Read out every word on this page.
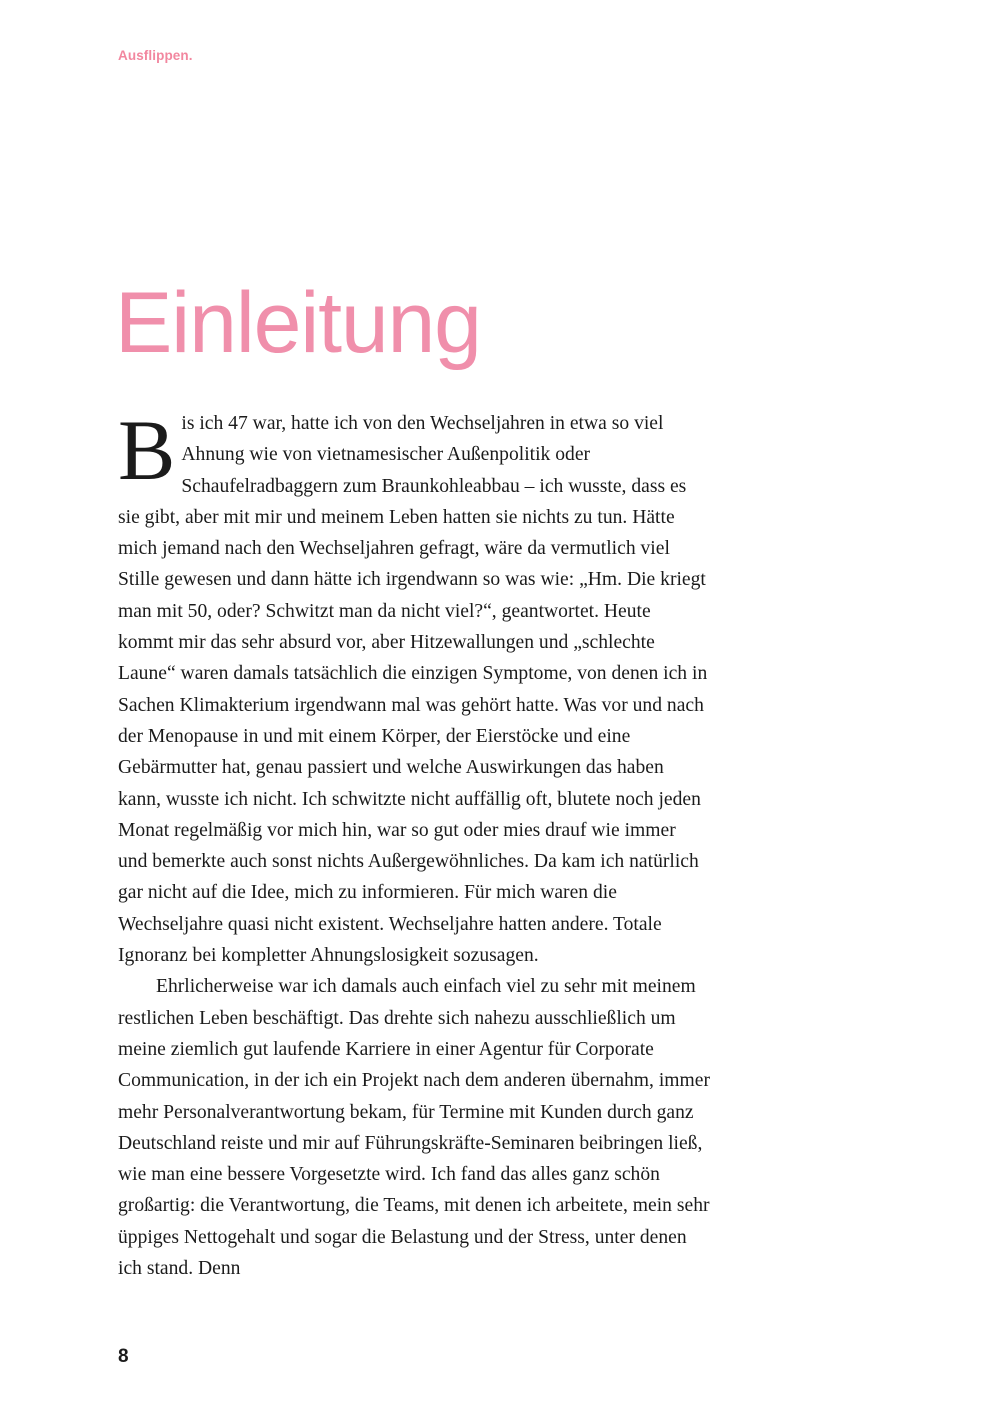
Ausflippen.
Einleitung

Bis ich 47 war, hatte ich von den Wechseljahren in etwa so viel Ahnung wie von vietnamesischer Außenpolitik oder Schaufelradbaggern zum Braunkohleabbau – ich wusste, dass es sie gibt, aber mit mir und meinem Leben hatten sie nichts zu tun. Hätte mich jemand nach den Wechseljahren gefragt, wäre da vermutlich viel Stille gewesen und dann hätte ich irgendwann so was wie: „Hm. Die kriegt man mit 50, oder? Schwitzt man da nicht viel?“, geantwortet. Heute kommt mir das sehr absurd vor, aber Hitzewallungen und „schlechte Laune“ waren damals tatsächlich die einzigen Symptome, von denen ich in Sachen Klimakterium irgendwann mal was gehört hatte. Was vor und nach der Menopause in und mit einem Körper, der Eierstöcke und eine Gebärmutter hat, genau passiert und welche Auswirkungen das haben kann, wusste ich nicht. Ich schwitzte nicht auffällig oft, blutete noch jeden Monat regelmäßig vor mich hin, war so gut oder mies drauf wie immer und bemerkte auch sonst nichts Außergewöhnliches. Da kam ich natürlich gar nicht auf die Idee, mich zu informieren. Für mich waren die Wechseljahre quasi nicht existent. Wechseljahre hatten andere. Totale Ignoranz bei kompletter Ahnungslosigkeit sozusagen.

Ehrlicherweise war ich damals auch einfach viel zu sehr mit meinem restlichen Leben beschäftigt. Das drehte sich nahezu ausschließlich um meine ziemlich gut laufende Karriere in einer Agentur für Corporate Communication, in der ich ein Projekt nach dem anderen übernahm, immer mehr Personalverantwortung bekam, für Termine mit Kunden durch ganz Deutschland reiste und mir auf Führungskräfte-Seminaren beibringen ließ, wie man eine bessere Vorgesetzte wird. Ich fand das alles ganz schön großartig: die Verantwortung, die Teams, mit denen ich arbeitete, mein sehr üppiges Nettogehalt und sogar die Belastung und der Stress, unter denen ich stand. Denn

8
